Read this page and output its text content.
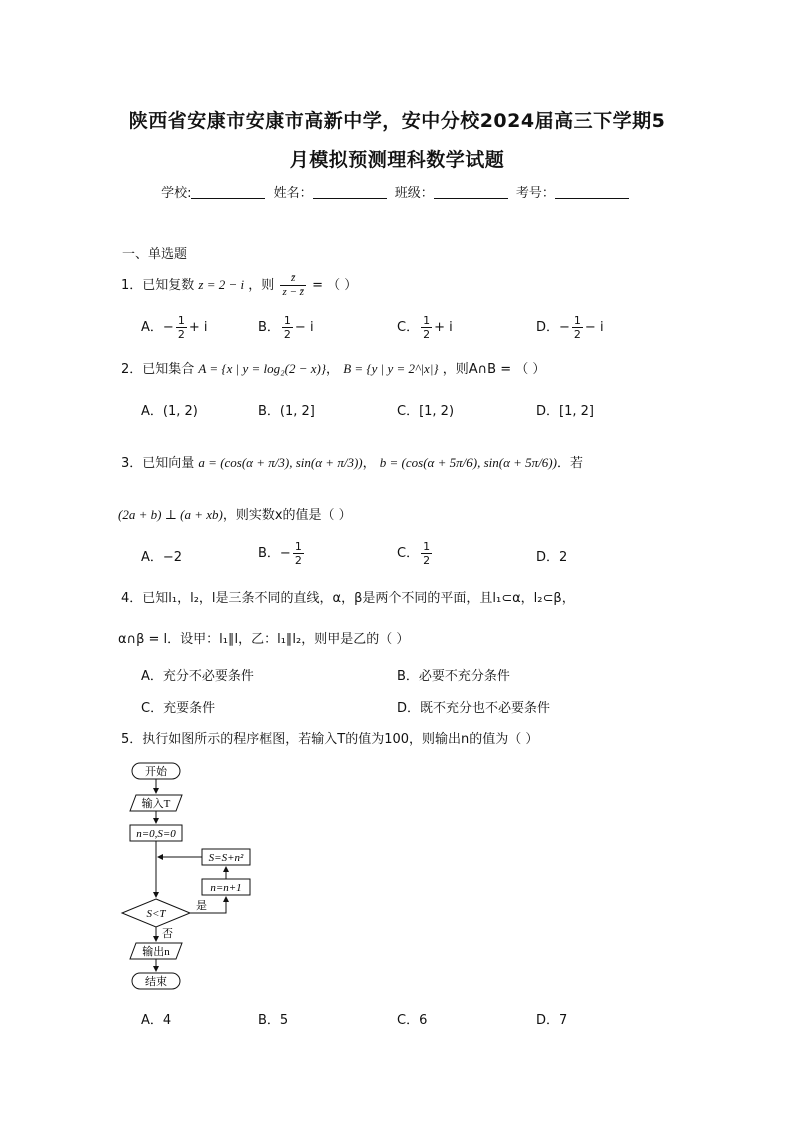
陕西省安康市安康市高新中学，安中分校2024届高三下学期5
月模拟预测理科数学试题
学校:	姓名：	班级：	考号：
一、单选题
1．已知复数 z = 2 − i ，则 $\frac{z̄}{z - z̄}$ = （ ）
A．− $\frac{1}{2} + i$	B． $\frac{1}{2} - i$	C． $\frac{1}{2} + i$	D．− $\frac{1}{2} - i$
2．已知集合 A = {x | y = log₂(2 − x)}， B = {y | y = 2^|x|} ，则A∩B = （ ）
A．(1, 2)	B．(1, 2]	C．[1, 2)	D．[1, 2]
3．已知向量 a = (cos(α + π/3), sin(α + π/3))， b = (cos(α + 5π/6), sin(α + 5π/6))．若
(2a + b) ⊥ (a + xb)，则实数x的值是（ ）
A．−2	B．− $\frac{1}{2}$	C． $\frac{1}{2}$	D．2
4．已知l₁，l₂，l是三条不同的直线，α，β是两个不同的平面，且l₁⊂α，l₂⊂β，
α∩β = l．设甲：l₁∥l，乙：l₁∥l₂，则甲是乙的（ ）
A．充分不必要条件	B．必要不充分条件
C．充要条件	D．既不充分也不必要条件
5．执行如图所示的程序框图，若输入T的值为100，则输出n的值为（ ）
开始
输入T
n=0,S=0
S=S+n²
n=n+1
S<T
是
否
输出n
结束
A．4	B．5	C．6	D．7
